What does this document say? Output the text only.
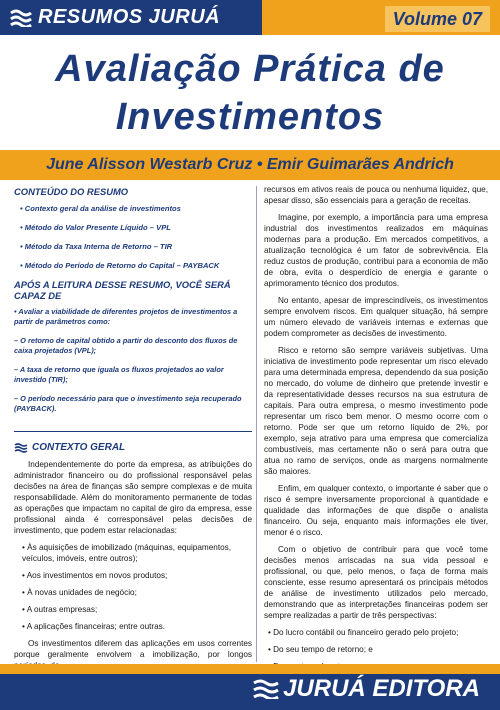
RESUMOS JURUÁ	Volume 07
Avaliação Prática de
Investimentos
June Alisson Westarb Cruz • Emir Guimarães Andrich
CONTEÚDO DO RESUMO
• Contexto geral da análise de investimentos
• Método do Valor Presente Líquido – VPL
• Método da Taxa Interna de Retorno – TIR
• Método do Período de Retorno do Capital – PAYBACK
APÓS A LEITURA DESSE RESUMO, VOCÊ SERÁ CAPAZ DE
• Avaliar a viabilidade de diferentes projetos de investimentos a partir de parâmetros como:
– O retorno de capital obtido a partir do desconto dos fluxos de caixa projetados (VPL);
– A taxa de retorno que iguala os fluxos projetados ao valor investido (TIR);
– O período necessário para que o investimento seja recuperado (PAYBACK).
CONTEXTO GERAL
Independentemente do porte da empresa, as atribuições do administrador financeiro ou do profissional responsável pelas decisões na área de finanças são sempre complexas e de muita responsabilidade. Além do monitoramento permanente de todas as operações que impactam no capital de giro da empresa, esse profissional ainda é corresponsável pelas decisões de investimento, que podem estar relacionadas:
• Às aquisições de imobilizado (máquinas, equipamentos, veículos, imóveis, entre outros);
• Aos investimentos em novos produtos;
• À novas unidades de negócio;
• A outras empresas;
• A aplicações financeiras; entre outras.
Os investimentos diferem das aplicações em usos correntes porque geralmente envolvem a imobilização, por longos
recursos em ativos reais de pouca ou nenhuma liquidez, que, apesar disso, são essenciais para a geração de receitas.
Imagine, por exemplo, a importância para uma empresa industrial dos investimentos realizados em máquinas modernas para a produção. Em mercados competitivos, a atualização tecnológica é um fator de sobrevivência. Ela reduz custos de produção, contribui para a economia de mão de obra, evita o desperdício de energia e garante o aprimoramento técnico dos produtos.
No entanto, apesar de imprescindíveis, os investimentos sempre envolvem riscos. Em qualquer situação, há sempre um número elevado de variáveis internas e externas que podem comprometer as decisões de investimento.
Risco e retorno são sempre variáveis subjetivas. Uma iniciativa de investimento pode representar um risco elevado para uma determinada empresa, dependendo da sua posição no mercado, do volume de dinheiro que pretende investir e da representatividade desses recursos na sua estrutura de capitais. Para outra empresa, o mesmo investimento pode representar um risco bem menor. O mesmo ocorre com o retorno. Pode ser que um retorno líquido de 2%, por exemplo, seja atrativo para uma empresa que comercializa combustíveis, mas certamente não o será para outra que atua no ramo de serviços, onde as margens normalmente são maiores.
Enfim, em qualquer contexto, o importante é saber que o risco é sempre inversamente proporcional à quantidade e qualidade das informações de que dispõe o analista financeiro. Ou seja, enquanto mais informações ele tiver, menor é o risco.
Com o objetivo de contribuir para que você tome decisões menos arriscadas na sua vida pessoal e profissional, ou que, pelo menos, o faça de forma mais consciente, esse resumo apresentará os principais métodos de análise de investimento utilizados pelo mercado, demonstrando que as interpretações financeiras podem ser sempre realizadas a partir de três perspectivas:
• Do lucro contábil ou financeiro gerado pelo projeto;
• Do seu tempo de retorno; e
JURUÁ EDITORA
